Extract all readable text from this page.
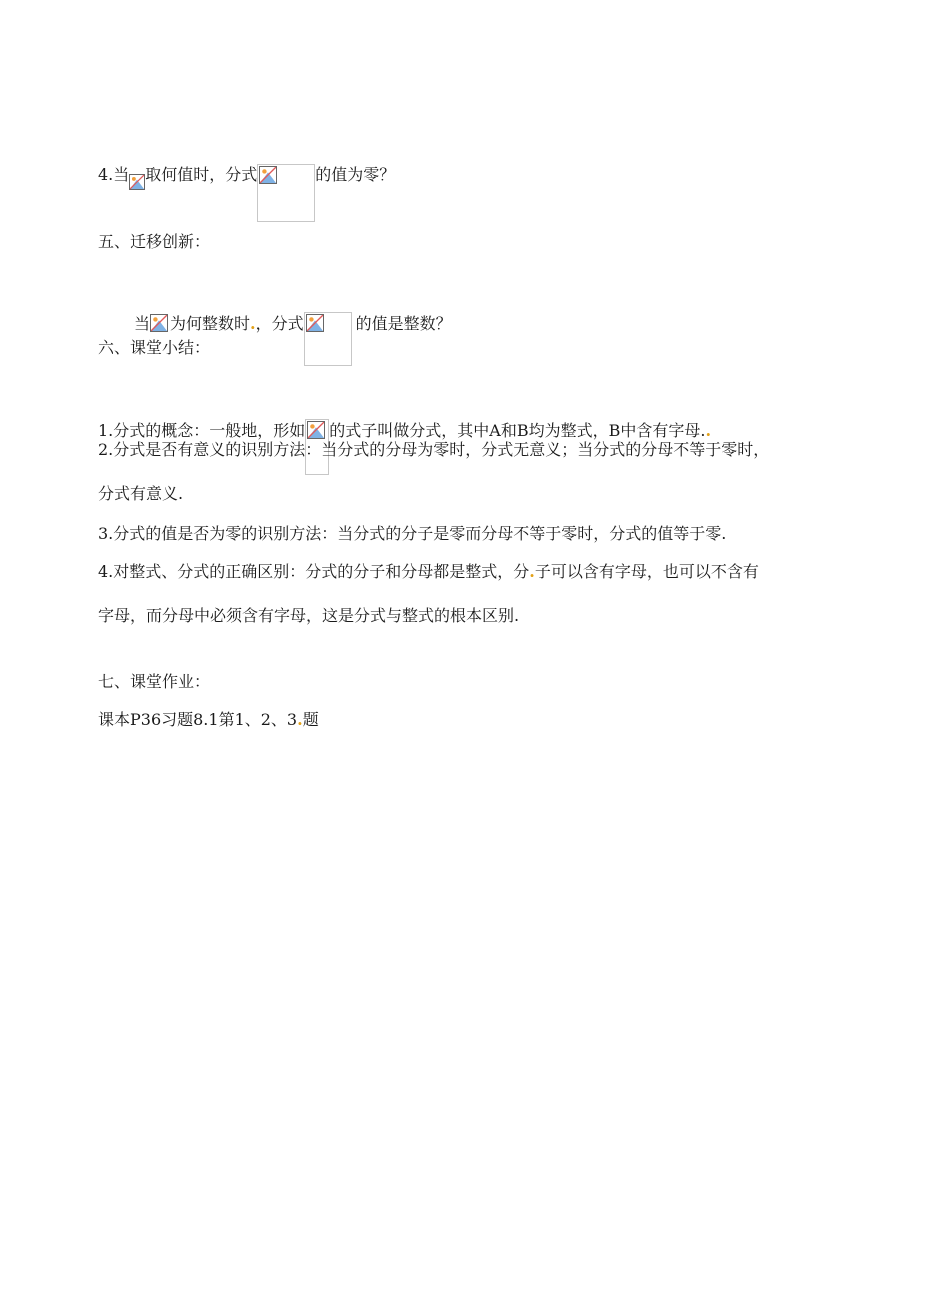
4.当 取何值时，分式	的值为零？
五、迁移创新：
当 为何整数时.，分式	的值是整数？
六、课堂小结：
1.分式的概念：一般地，形如 的式子叫做分式，其中A和B均为整式，B中含有字母..
2.分式是否有意义的识别方法：当分式的分母为零时，分式无意义；当分式的分母不等于零时，
分式有意义.
3.分式的值是否为零的识别方法：当分式的分子是零而分母不等于零时，分式的值等于零.
4.对整式、分式的正确区别：分式的分子和分母都是整式，分.子可以含有字母，也可以不含有
字母，而分母中必须含有字母，这是分式与整式的根本区别.
七、课堂作业：
课本P36习题8.1第1、2、3.题
